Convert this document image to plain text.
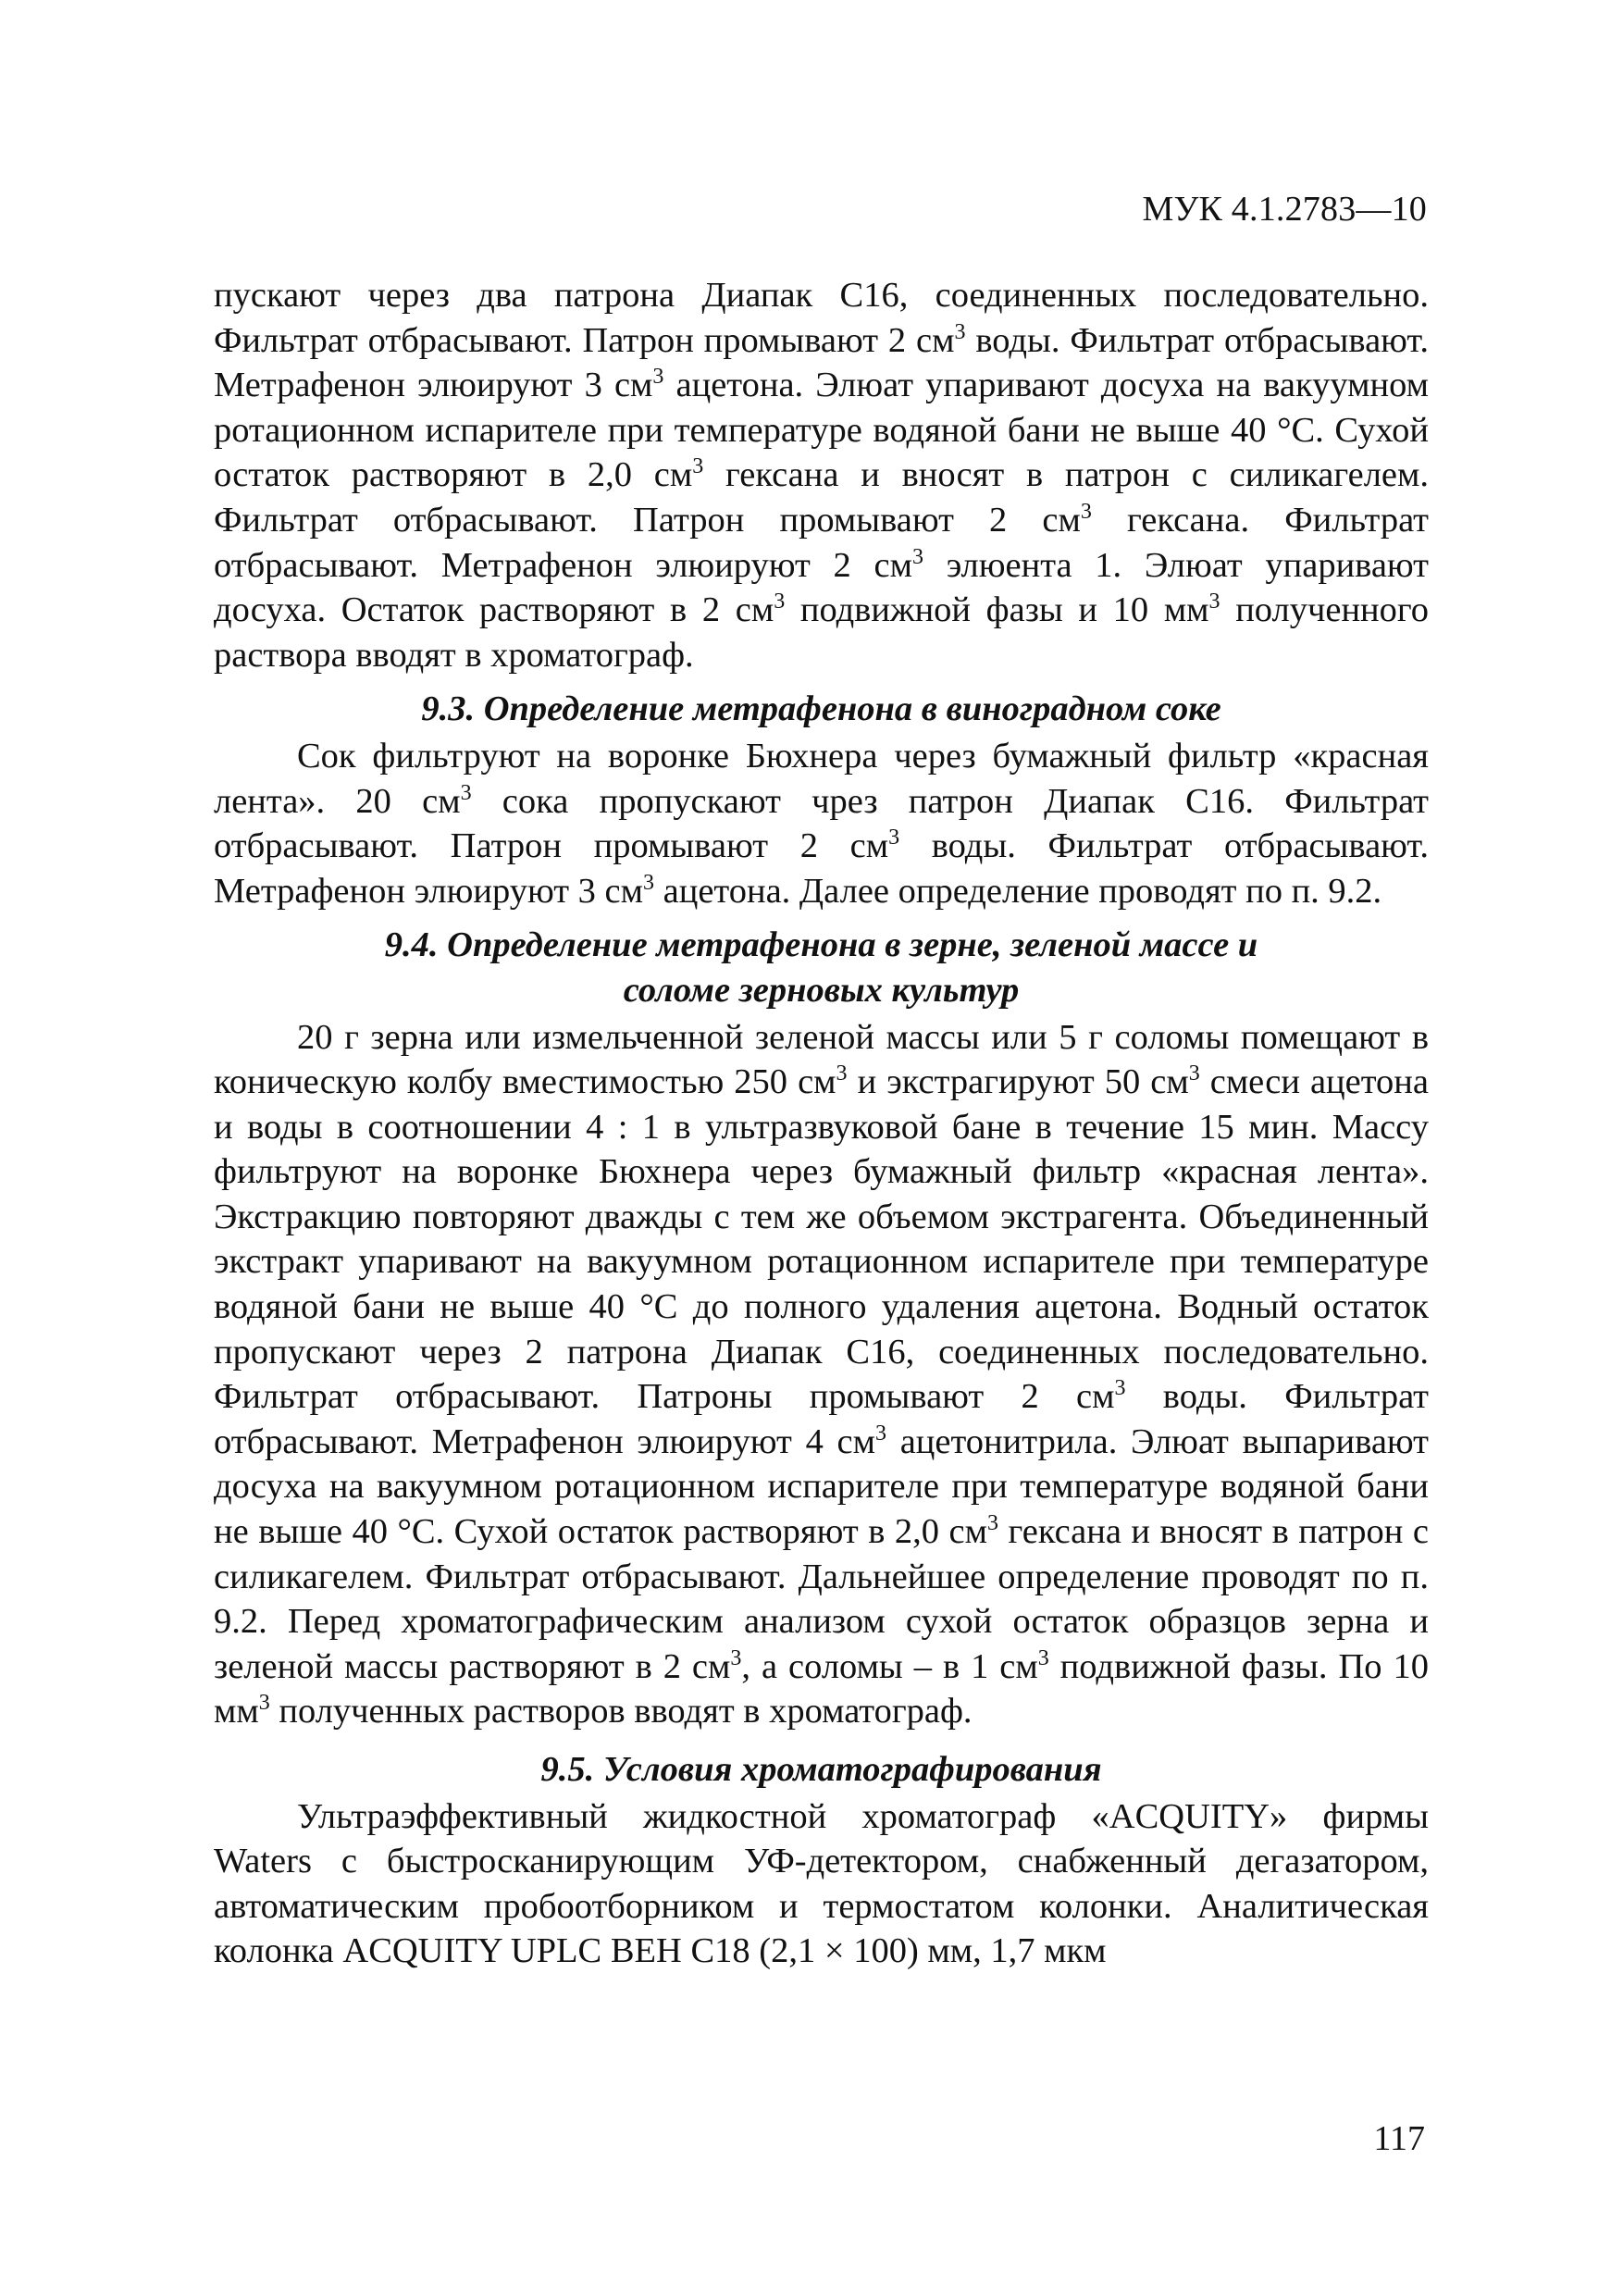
МУК 4.1.2783—10

пускают через два патрона Диапак С16, соединенных последовательно. Фильтрат отбрасывают. Патрон промывают 2 $см^3$ воды. Фильтрат отбрасывают. Метрафенон элюируют 3 $см^3$ ацетона. Элюат упаривают досуха на вакуумном ротационном испарителе при температуре водяной бани не выше 40 °С. Сухой остаток растворяют в 2,0 $см^3$ гексана и вносят в патрон с силикагелем. Фильтрат отбрасывают. Патрон промывают 2 $см^3$ гексана. Фильтрат отбрасывают. Метрафенон элюируют 2 $см^3$ элюента 1. Элюат упаривают досуха. Остаток растворяют в 2 $см^3$ подвижной фазы и 10 $мм^3$ полученного раствора вводят в хроматограф.

9.3. Определение метрафенона в виноградном соке

Сок фильтруют на воронке Бюхнера через бумажный фильтр «красная лента». 20 $см^3$ сока пропускают чрез патрон Диапак С16. Фильтрат отбрасывают. Патрон промывают 2 $см^3$ воды. Фильтрат отбрасывают. Метрафенон элюируют 3 $см^3$ ацетона. Далее определение проводят по п. 9.2.

9.4. Определение метрафенона в зерне, зеленой массе и
соломе зерновых культур

20 г зерна или измельченной зеленой массы или 5 г соломы помещают в коническую колбу вместимостью 250 $см^3$ и экстрагируют 50 $см^3$ смеси ацетона и воды в соотношении 4 : 1 в ультразвуковой бане в течение 15 мин. Массу фильтруют на воронке Бюхнера через бумажный фильтр «красная лента». Экстракцию повторяют дважды с тем же объемом экстрагента. Объединенный экстракт упаривают на вакуумном ротационном испарителе при температуре водяной бани не выше 40 °С до полного удаления ацетона. Водный остаток пропускают через 2 патрона Диапак С16, соединенных последовательно. Фильтрат отбрасывают. Патроны промывают 2 $см^3$ воды. Фильтрат отбрасывают. Метрафенон элюируют 4 $см^3$ ацетонитрила. Элюат выпаривают досуха на вакуумном ротационном испарителе при температуре водяной бани не выше 40 °С. Сухой остаток растворяют в 2,0 $см^3$ гексана и вносят в патрон с силикагелем. Фильтрат отбрасывают. Дальнейшее определение проводят по п. 9.2. Перед хроматографическим анализом сухой остаток образцов зерна и зеленой массы растворяют в 2 $см^3$, а соломы – в 1 $см^3$ подвижной фазы. По 10 $мм^3$ полученных растворов вводят в хроматограф.

9.5. Условия хроматографирования

Ультраэффективный жидкостной хроматограф «ACQUITY» фирмы Waters с быстросканирующим УФ-детектором, снабженный дегазатором, автоматическим пробоотборником и термостатом колонки. Аналитическая колонка ACQUITY UPLC BEH C18 (2,1 × 100) мм, 1,7 мкм

117
